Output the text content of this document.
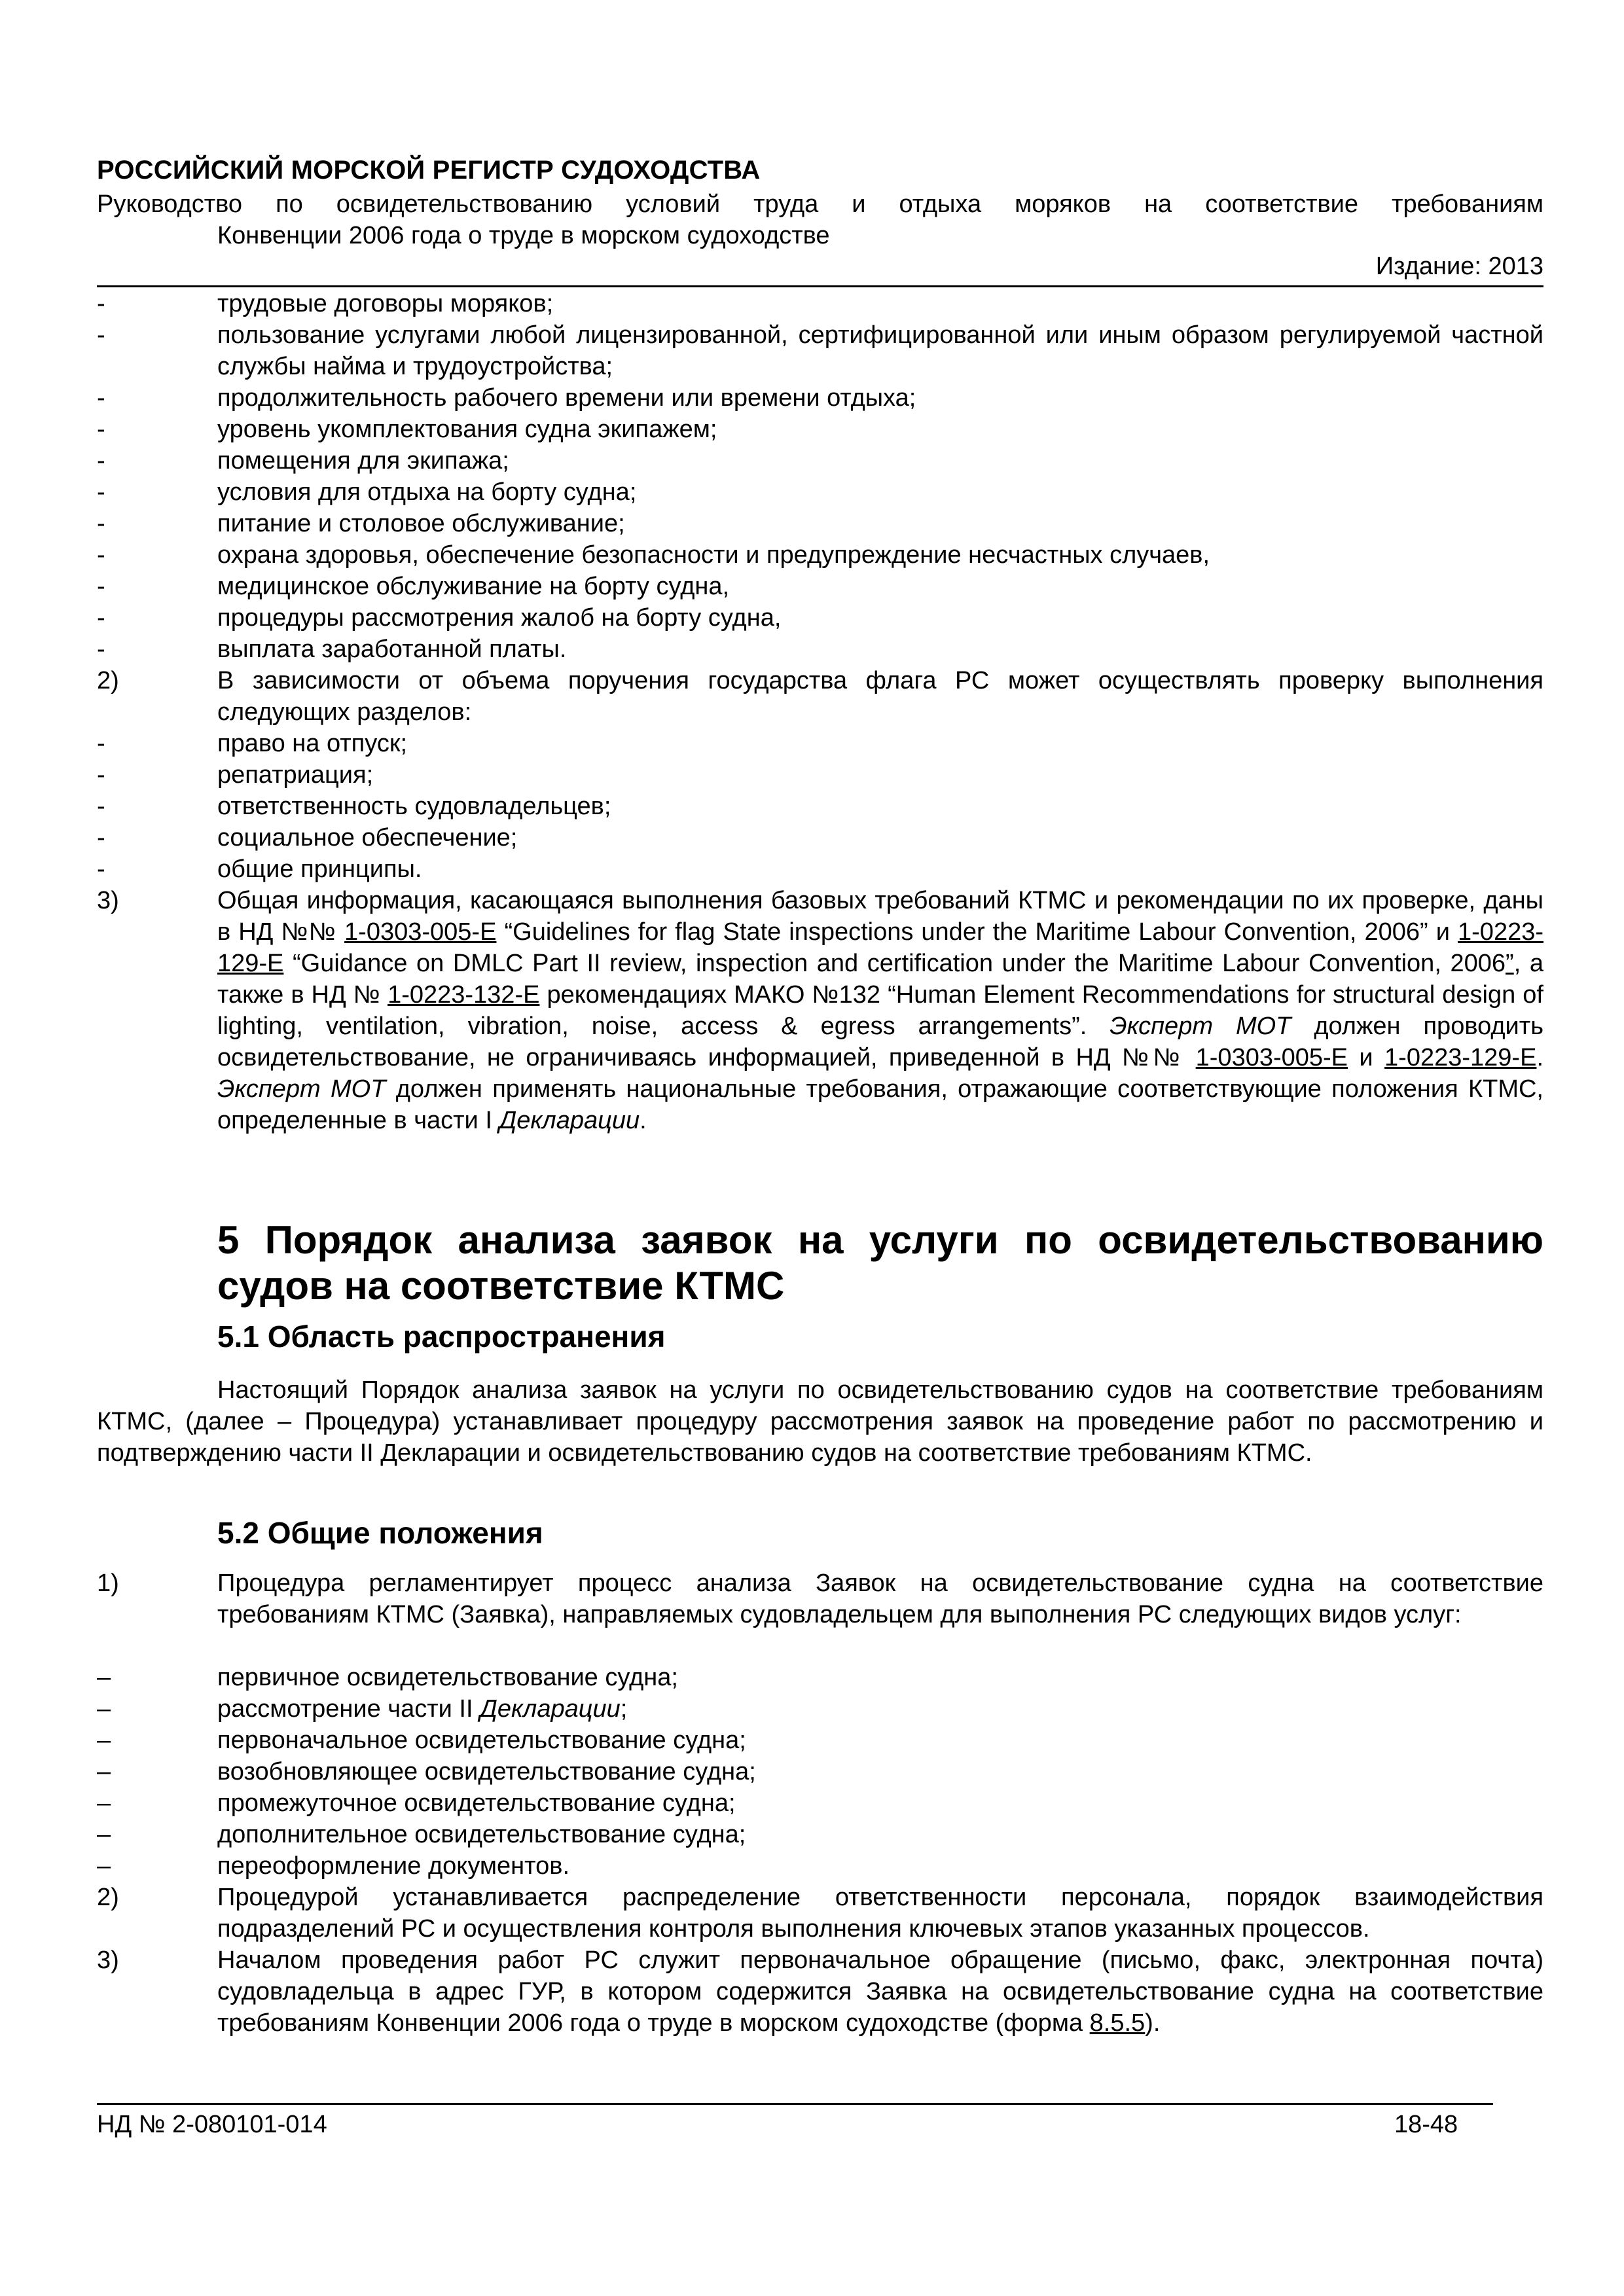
РОССИЙСКИЙ МОРСКОЙ РЕГИСТР СУДОХОДСТВА
Руководство по освидетельствованию условий труда и отдыха моряков на соответствие требованиям
Конвенции 2006 года о труде в морском судоходстве
Издание: 2013
-	трудовые договоры моряков;
-	пользование услугами любой лицензированной, сертифицированной или иным образом регулируемой частной службы найма и трудоустройства;
-	продолжительность рабочего времени или времени отдыха;
-	уровень укомплектования судна экипажем;
-	помещения для экипажа;
-	условия для отдыха на борту судна;
-	питание и столовое обслуживание;
-	охрана здоровья, обеспечение безопасности и предупреждение несчастных случаев,
-	медицинское обслуживание на борту судна,
-	процедуры рассмотрения жалоб на борту судна,
-	выплата заработанной платы.
2)	В зависимости от объема поручения государства флага РС может осуществлять проверку выполнения следующих разделов:
-	право на отпуск;
-	репатриация;
-	ответственность судовладельцев;
-	социальное обеспечение;
-	общие принципы.
3)	Общая информация, касающаяся выполнения базовых требований КТМС и рекомендации по их проверке, даны в НД №№ 1-0303-005-E “Guidelines for flag State inspections under the Maritime Labour Convention, 2006” и 1-0223-129-E “Guidance on DMLC Part II review, inspection and certification under the Maritime Labour Convention, 2006”, а также в НД № 1-0223-132-E рекомендациях МАКО №132 “Human Element Recommendations for structural design of lighting, ventilation, vibration, noise, access & egress arrangements”. Эксперт МОТ должен проводить освидетельствование, не ограничиваясь информацией, приведенной в НД №№ 1-0303-005-E и 1-0223-129-E. Эксперт МОТ должен применять национальные требования, отражающие соответствующие положения КТМС, определенные в части I Декларации.
5 Порядок анализа заявок на услуги по освидетельствованию судов на соответствие КТМС
5.1 Область распространения
Настоящий Порядок анализа заявок на услуги по освидетельствованию судов на соответствие требованиям КТМС, (далее – Процедура) устанавливает процедуру рассмотрения заявок на проведение работ по рассмотрению и подтверждению части II Декларации и освидетельствованию судов на соответствие требованиям КТМС.
5.2 Общие положения
1)	Процедура регламентирует процесс анализа Заявок на освидетельствование судна на соответствие требованиям КТМС (Заявка), направляемых судовладельцем для выполнения РС следующих видов услуг:
–	первичное освидетельствование судна;
–	рассмотрение части II Декларации;
–	первоначальное освидетельствование судна;
–	возобновляющее освидетельствование судна;
–	промежуточное освидетельствование судна;
–	дополнительное освидетельствование судна;
–	переоформление документов.
2)	Процедурой устанавливается распределение ответственности персонала, порядок взаимодействия подразделений РС и осуществления контроля выполнения ключевых этапов указанных процессов.
3)	Началом проведения работ РС служит первоначальное обращение (письмо, факс, электронная почта) судовладельца в адрес ГУР, в котором содержится Заявка на освидетельствование судна на соответствие требованиям Конвенции 2006 года о труде в морском судоходстве (форма 8.5.5).
НД № 2-080101-014	18-48
